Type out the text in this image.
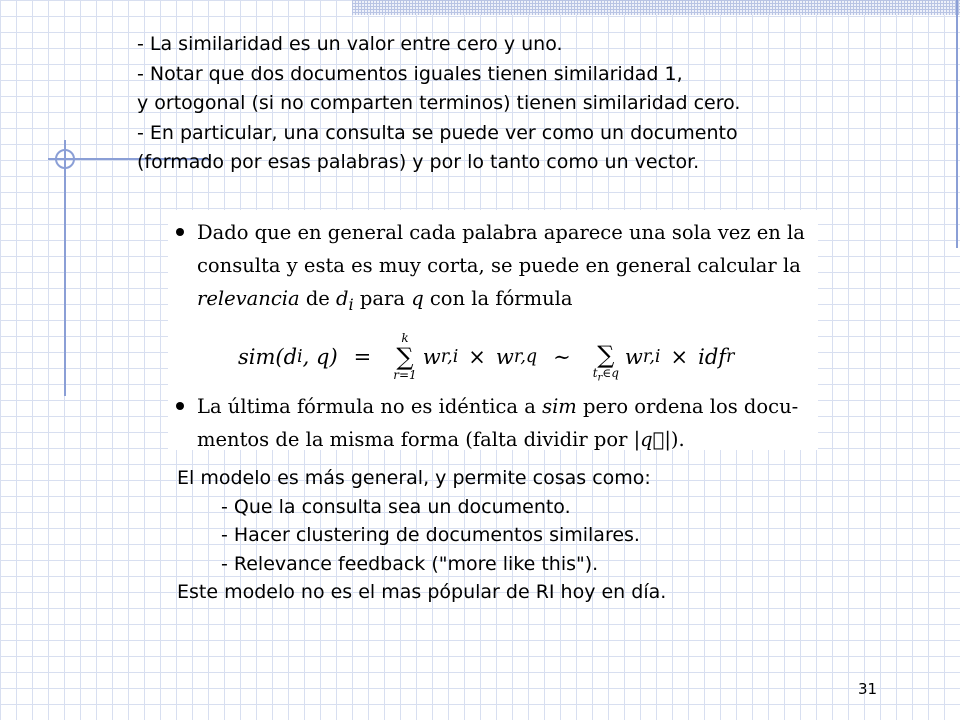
- La similaridad es un valor entre cero y uno.
- Notar que dos documentos iguales tienen similaridad 1,
y ortogonal (si no comparten terminos) tienen similaridad cero.
- En particular, una consulta se puede ver como un documento
(formado por esas palabras) y por lo tanto como un vector.
Dado que en general cada palabra aparece una sola vez en la
consulta y esta es muy corta, se puede en general calcular la
relevancia de $d_i$ para q con la fórmula
sim(d i , q) =
k
∑
r=1
w r,i × w r,q ∼
∑
$t_r\in q$
w r,i × idf r
La última fórmula no es idéntica a sim pero ordena los docu-
mentos de la misma forma (falta dividir por |q⃗|).
El modelo es más general, y permite cosas como:
- Que la consulta sea un documento.
- Hacer clustering de documentos similares.
- Relevance feedback ("more like this").
Este modelo no es el mas pópular de RI hoy en día.
31
